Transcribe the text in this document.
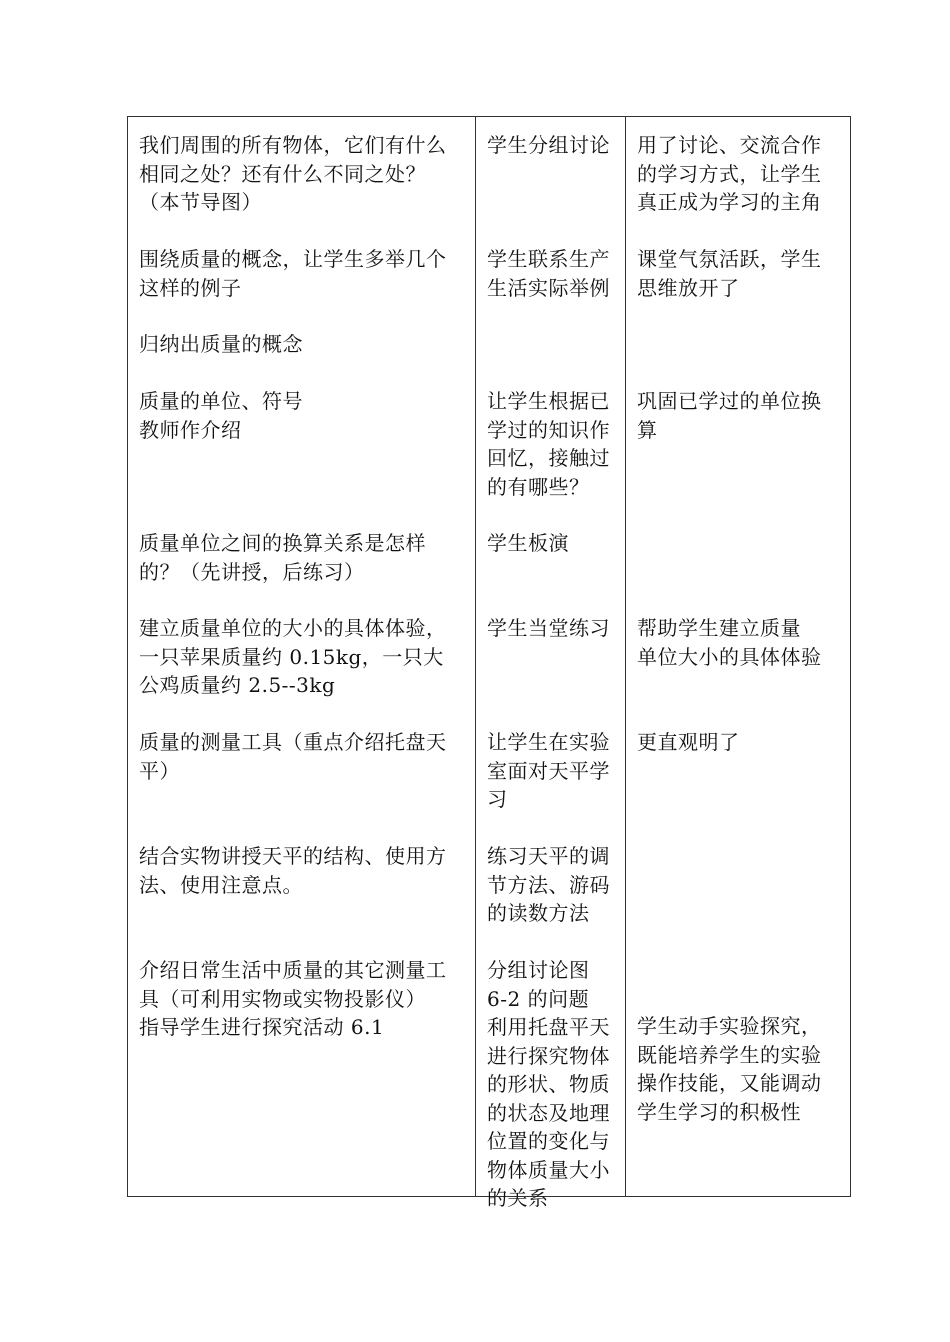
我们周围的所有物体，它们有什么
相同之处？还有什么不同之处？
（本节导图）
学生分组讨论 用了讨论、交流合作
的学习方式，让学生
真正成为学习的主角
围绕质量的概念，让学生多举几个
这样的例子
学生联系生产
生活实际举例
课堂气氛活跃，学生
思维放开了
归纳出质量的概念
质量的单位、符号
教师作介绍
让学生根据已
学过的知识作
回忆，接触过
的有哪些？
巩固已学过的单位换
算
质量单位之间的换算关系是怎样
的？（先讲授，后练习）
学生板演
建立质量单位的大小的具体体验，
一只苹果质量约 0.15kg，一只大
公鸡质量约 2.5--3kg
学生当堂练习 帮助学生建立质量
单位大小的具体体验
质量的测量工具（重点介绍托盘天
平）
让学生在实验
室面对天平学
习
更直观明了
结合实物讲授天平的结构、使用方
法、使用注意点。
练习天平的调
节方法、游码
的读数方法
介绍日常生活中质量的其它测量工
具（可利用实物或实物投影仪）
指导学生进行探究活动 6.1
分组讨论图
6-2 的问题
利用托盘平天
进行探究物体
的形状、物质
的状态及地理
位置的变化与
物体质量大小
的关系
学生动手实验探究，
既能培养学生的实验
操作技能，又能调动
学生学习的积极性
